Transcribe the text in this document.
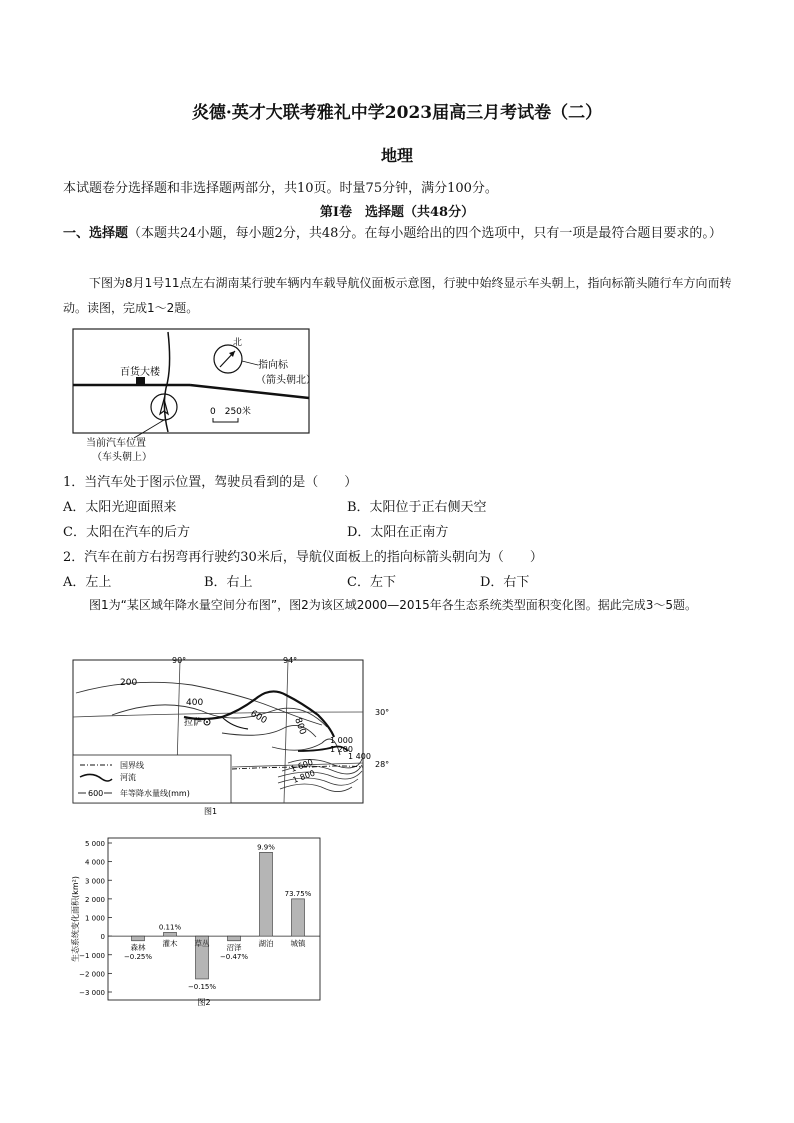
炎德·英才大联考雅礼中学2023届高三月考试卷（二）
地理
本试题卷分选择题和非选择题两部分，共10页。时量75分钟，满分100分。
第Ⅰ卷　选择题（共48分）
一、选择题（本题共24小题，每小题2分，共48分。在每小题给出的四个选项中，只有一项是最符合题目要求的。）
下图为8月1号11点左右湖南某行驶车辆内车载导航仪面板示意图，行驶中始终显示车头朝上，指向标箭头随行车方向而转动。读图，完成1～2题。
百货大楼
北
指向标
（箭头朝北）
0　250米
当前汽车位置
（车头朝上）
1．当汽车处于图示位置，驾驶员看到的是（　　）
A．太阳光迎面照来	B．太阳位于正右侧天空
C．太阳在汽车的后方	D．太阳在正南方
2．汽车在前方右拐弯再行驶约30米后，导航仪面板上的指向标箭头朝向为（　　）
A．左上	B．右上	C．左下	D．右下
图1为“某区域年降水量空间分布图”，图2为该区域2000—2015年各生态系统类型面积变化图。据此完成3～5题。
拉萨
90°	94°
30°
28°
200
400
600	800
1 000
1 200
1 400
1 600
1 800
国界线
河流
600 年等降水量线(mm)
图1
生态系统变化面积(km²)
5 000
4 000
3 000
2 000
1 000
0
−1 000
−2 000
−3 000
森林
−0.25%
灌木
0.11%
草丛
−0.15%
沼泽
−0.47%
湖泊
9.9%
城镇
73.75%
图2
